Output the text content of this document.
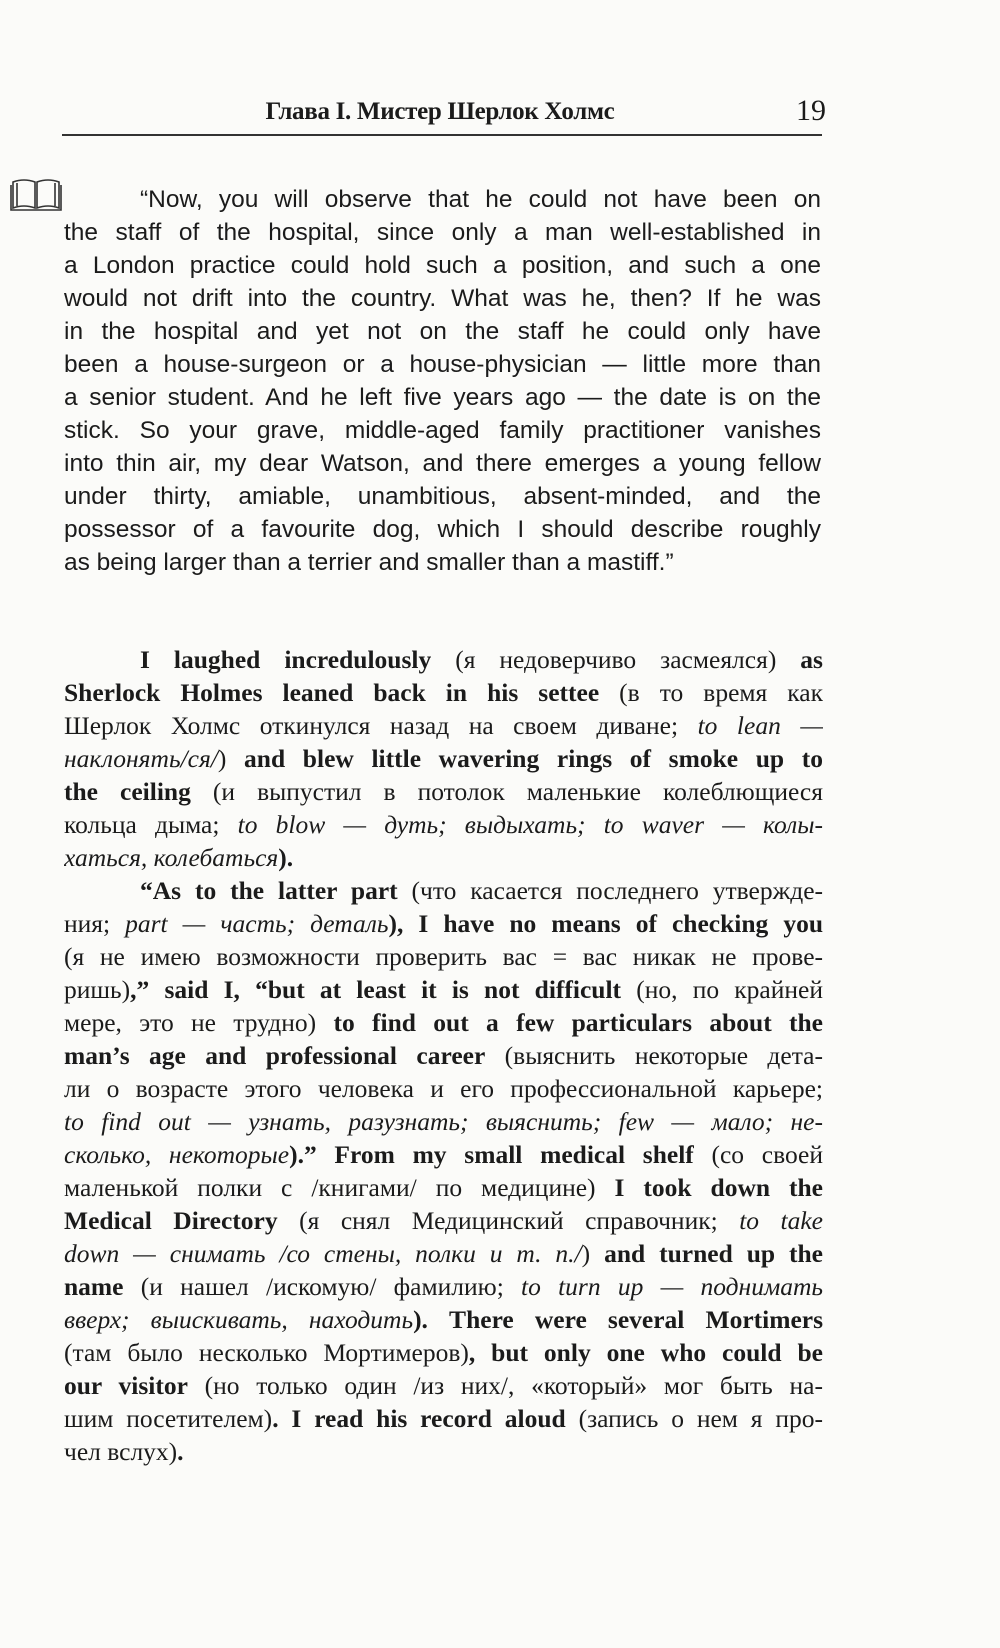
Глава I. Мистер Шерлок Холмс	19
“Now, you will observe that he could not have been on
the staff of the hospital, since only a man well-established in
a London practice could hold such a position, and such a one
would not drift into the country. What was he, then? If he was
in the hospital and yet not on the staff he could only have
been a house-surgeon or a house-physician — little more than
a senior student. And he left five years ago — the date is on the
stick. So your grave, middle-aged family practitioner vanishes
into thin air, my dear Watson, and there emerges a young fellow
under thirty, amiable, unambitious, absent-minded, and the
possessor of a favourite dog, which I should describe roughly
as being larger than a terrier and smaller than a mastiff.”
I laughed incredulously (я недоверчиво засмеялся) as
Sherlock Holmes leaned back in his settee (в то время как
Шерлок Холмс откинулся назад на своем диване; to lean —
наклонять/ся/) and blew little wavering rings of smoke up to
the ceiling (и выпустил в потолок маленькие колеблющиеся
кольца дыма; to blow — дуть; выдыхать; to waver — колы-
хаться, колебаться).
“As to the latter part (что касается последнего утвержде-
ния; part — часть; деталь), I have no means of checking you
(я не имею возможности проверить вас = вас никак не прове-
ришь),” said I, “but at least it is not difficult (но, по крайней
мере, это не трудно) to find out a few particulars about the
man’s age and professional career (выяснить некоторые дета-
ли о возрасте этого человека и его профессиональной карьере;
to find out — узнать, разузнать; выяснить; few — мало; не-
сколько, некоторые).” From my small medical shelf (со своей
маленькой полки с /книгами/ по медицине) I took down the
Medical Directory (я снял Медицинский справочник; to take
down — снимать /со стены, полки и т. п./) and turned up the
name (и нашел /искомую/ фамилию; to turn up — поднимать
вверх; выискивать, находить). There were several Mortimers
(там было несколько Мортимеров), but only one who could be
our visitor (но только один /из них/, «который» мог быть на-
шим посетителем). I read his record aloud (запись о нем я про-
чел вслух).
